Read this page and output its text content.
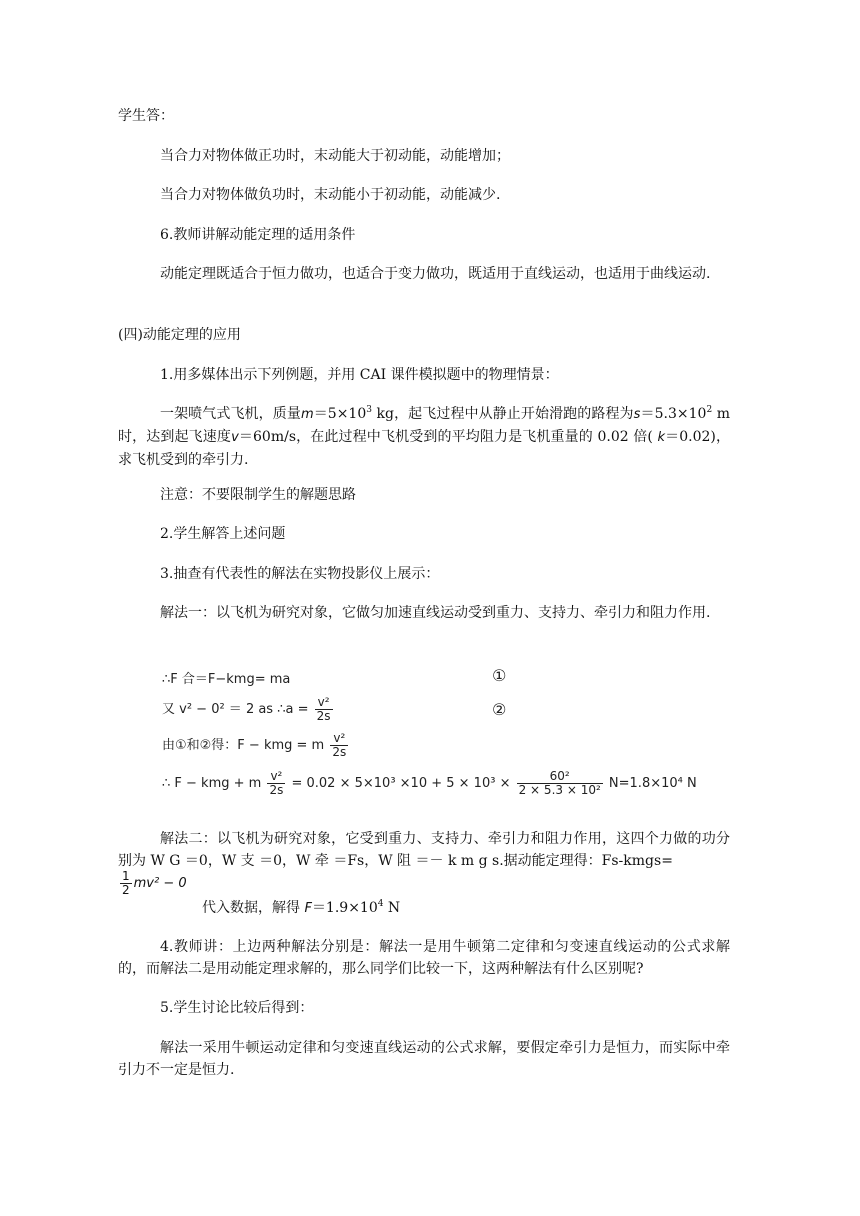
学生答：

当合力对物体做正功时，末动能大于初动能，动能增加；

当合力对物体做负功时，末动能小于初动能，动能减少.

6.教师讲解动能定理的适用条件

动能定理既适合于恒力做功，也适合于变力做功，既适用于直线运动，也适用于曲线运动.

(四)动能定理的应用

1.用多媒体出示下列例题，并用 CAI 课件模拟题中的物理情景：

一架喷气式飞机，质量$m=5\times 10^3$ kg，起飞过程中从静止开始滑跑的路程为$s=5.3\times 10^2$ m时，达到起飞速度v＝60m/s，在此过程中飞机受到的平均阻力是飞机重量的 0.02 倍( k＝0.02)，求飞机受到的牵引力.

注意：不要限制学生的解题思路

2.学生解答上述问题

3.抽查有代表性的解法在实物投影仪上展示：

解法一：以飞机为研究对象，它做匀加速直线运动受到重力、支持力、牵引力和阻力作用.

∴F 合＝F−kmg= ma	①
又 v² − 0² ＝ 2 as ∴a = $\frac{\text{v²}}{2s}$	②
由①和②得：F − kmg = m $\frac{\text{v²}}{2s}$
∴ F − kmg + m $\frac{\text{v²}}{2s} = 0.02 \times 5\times 10^3 \times 10 + 5 \times 10^3 \times \frac{\text{60²}}{\text{2 × 5.3 × 10²}} N=1.8\times 10^4$ N

解法二：以飞机为研究对象，它受到重力、支持力、牵引力和阻力作用，这四个力做的功分别为 W G ＝0，W 支 ＝0，W 牵 ＝Fs，W 阻 ＝－ k m g s.据动能定理得：Fs-kmgs=

$\frac{1}{2} mv^2 - 0$

代入数据，解得 $F=1.9\times 10^4$ N

4.教师讲：上边两种解法分别是：解法一是用牛顿第二定律和匀变速直线运动的公式求解的，而解法二是用动能定理求解的，那么同学们比较一下，这两种解法有什么区别呢?

5.学生讨论比较后得到：

解法一采用牛顿运动定律和匀变速直线运动的公式求解，要假定牵引力是恒力，而实际中牵引力不一定是恒力.
